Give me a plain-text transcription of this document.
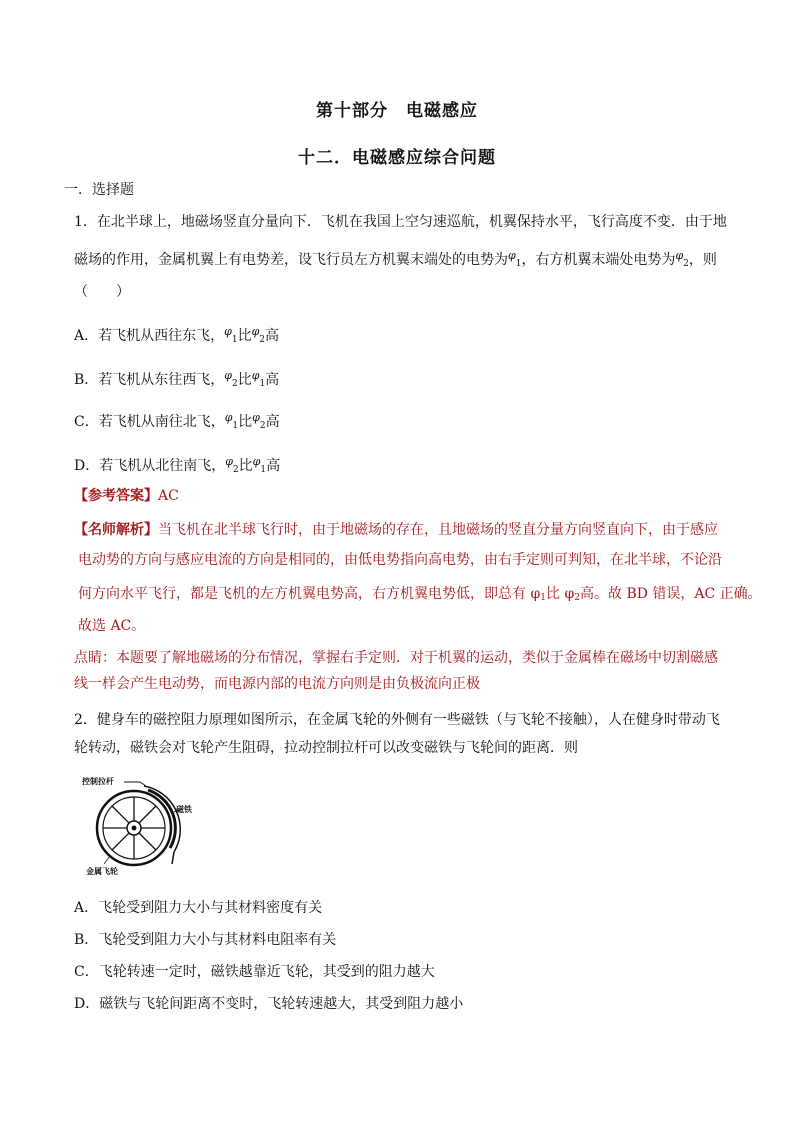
第十部分　电磁感应
十二．电磁感应综合问题
一．选择题
1．在北半球上，地磁场竖直分量向下．飞机在我国上空匀速巡航，机翼保持水平，飞行高度不变．由于地
磁场的作用，金属机翼上有电势差，设飞行员左方机翼末端处的电势为$^\varphi_1$，右方机翼末端处电势为$^\varphi_2$，则
（　　）
A．若飞机从西往东飞，$^\varphi_1$比$^\varphi_2$高
B．若飞机从东往西飞，$^\varphi_2$比$^\varphi_1$高
C．若飞机从南往北飞，$^\varphi_1$比$^\varphi_2$高
D．若飞机从北往南飞，$^\varphi_2$比$^\varphi_1$高
【参考答案】AC
【名师解析】当飞机在北半球飞行时，由于地磁场的存在，且地磁场的竖直分量方向竖直向下，由于感应
电动势的方向与感应电流的方向是相同的，由低电势指向高电势，由右手定则可判知，在北半球，不论沿
何方向水平飞行，都是飞机的左方机翼电势高，右方机翼电势低，即总有 $\varphi_1$比 $\varphi_2$高。故 BD 错误，AC 正确。
故选 AC。
点睛：本题要了解地磁场的分布情况，掌握右手定则．对于机翼的运动，类似于金属棒在磁场中切割磁感
线一样会产生电动势，而电源内部的电流方向则是由负极流向正极
2．健身车的磁控阻力原理如图所示，在金属飞轮的外侧有一些磁铁（与飞轮不接触），人在健身时带动飞
轮转动，磁铁会对飞轮产生阻碍，拉动控制拉杆可以改变磁铁与飞轮间的距离．则
控制拉杆
磁铁
金属飞轮
A．飞轮受到阻力大小与其材料密度有关
B．飞轮受到阻力大小与其材料电阻率有关
C．飞轮转速一定时，磁铁越靠近飞轮，其受到的阻力越大
D．磁铁与飞轮间距离不变时，飞轮转速越大，其受到阻力越小
